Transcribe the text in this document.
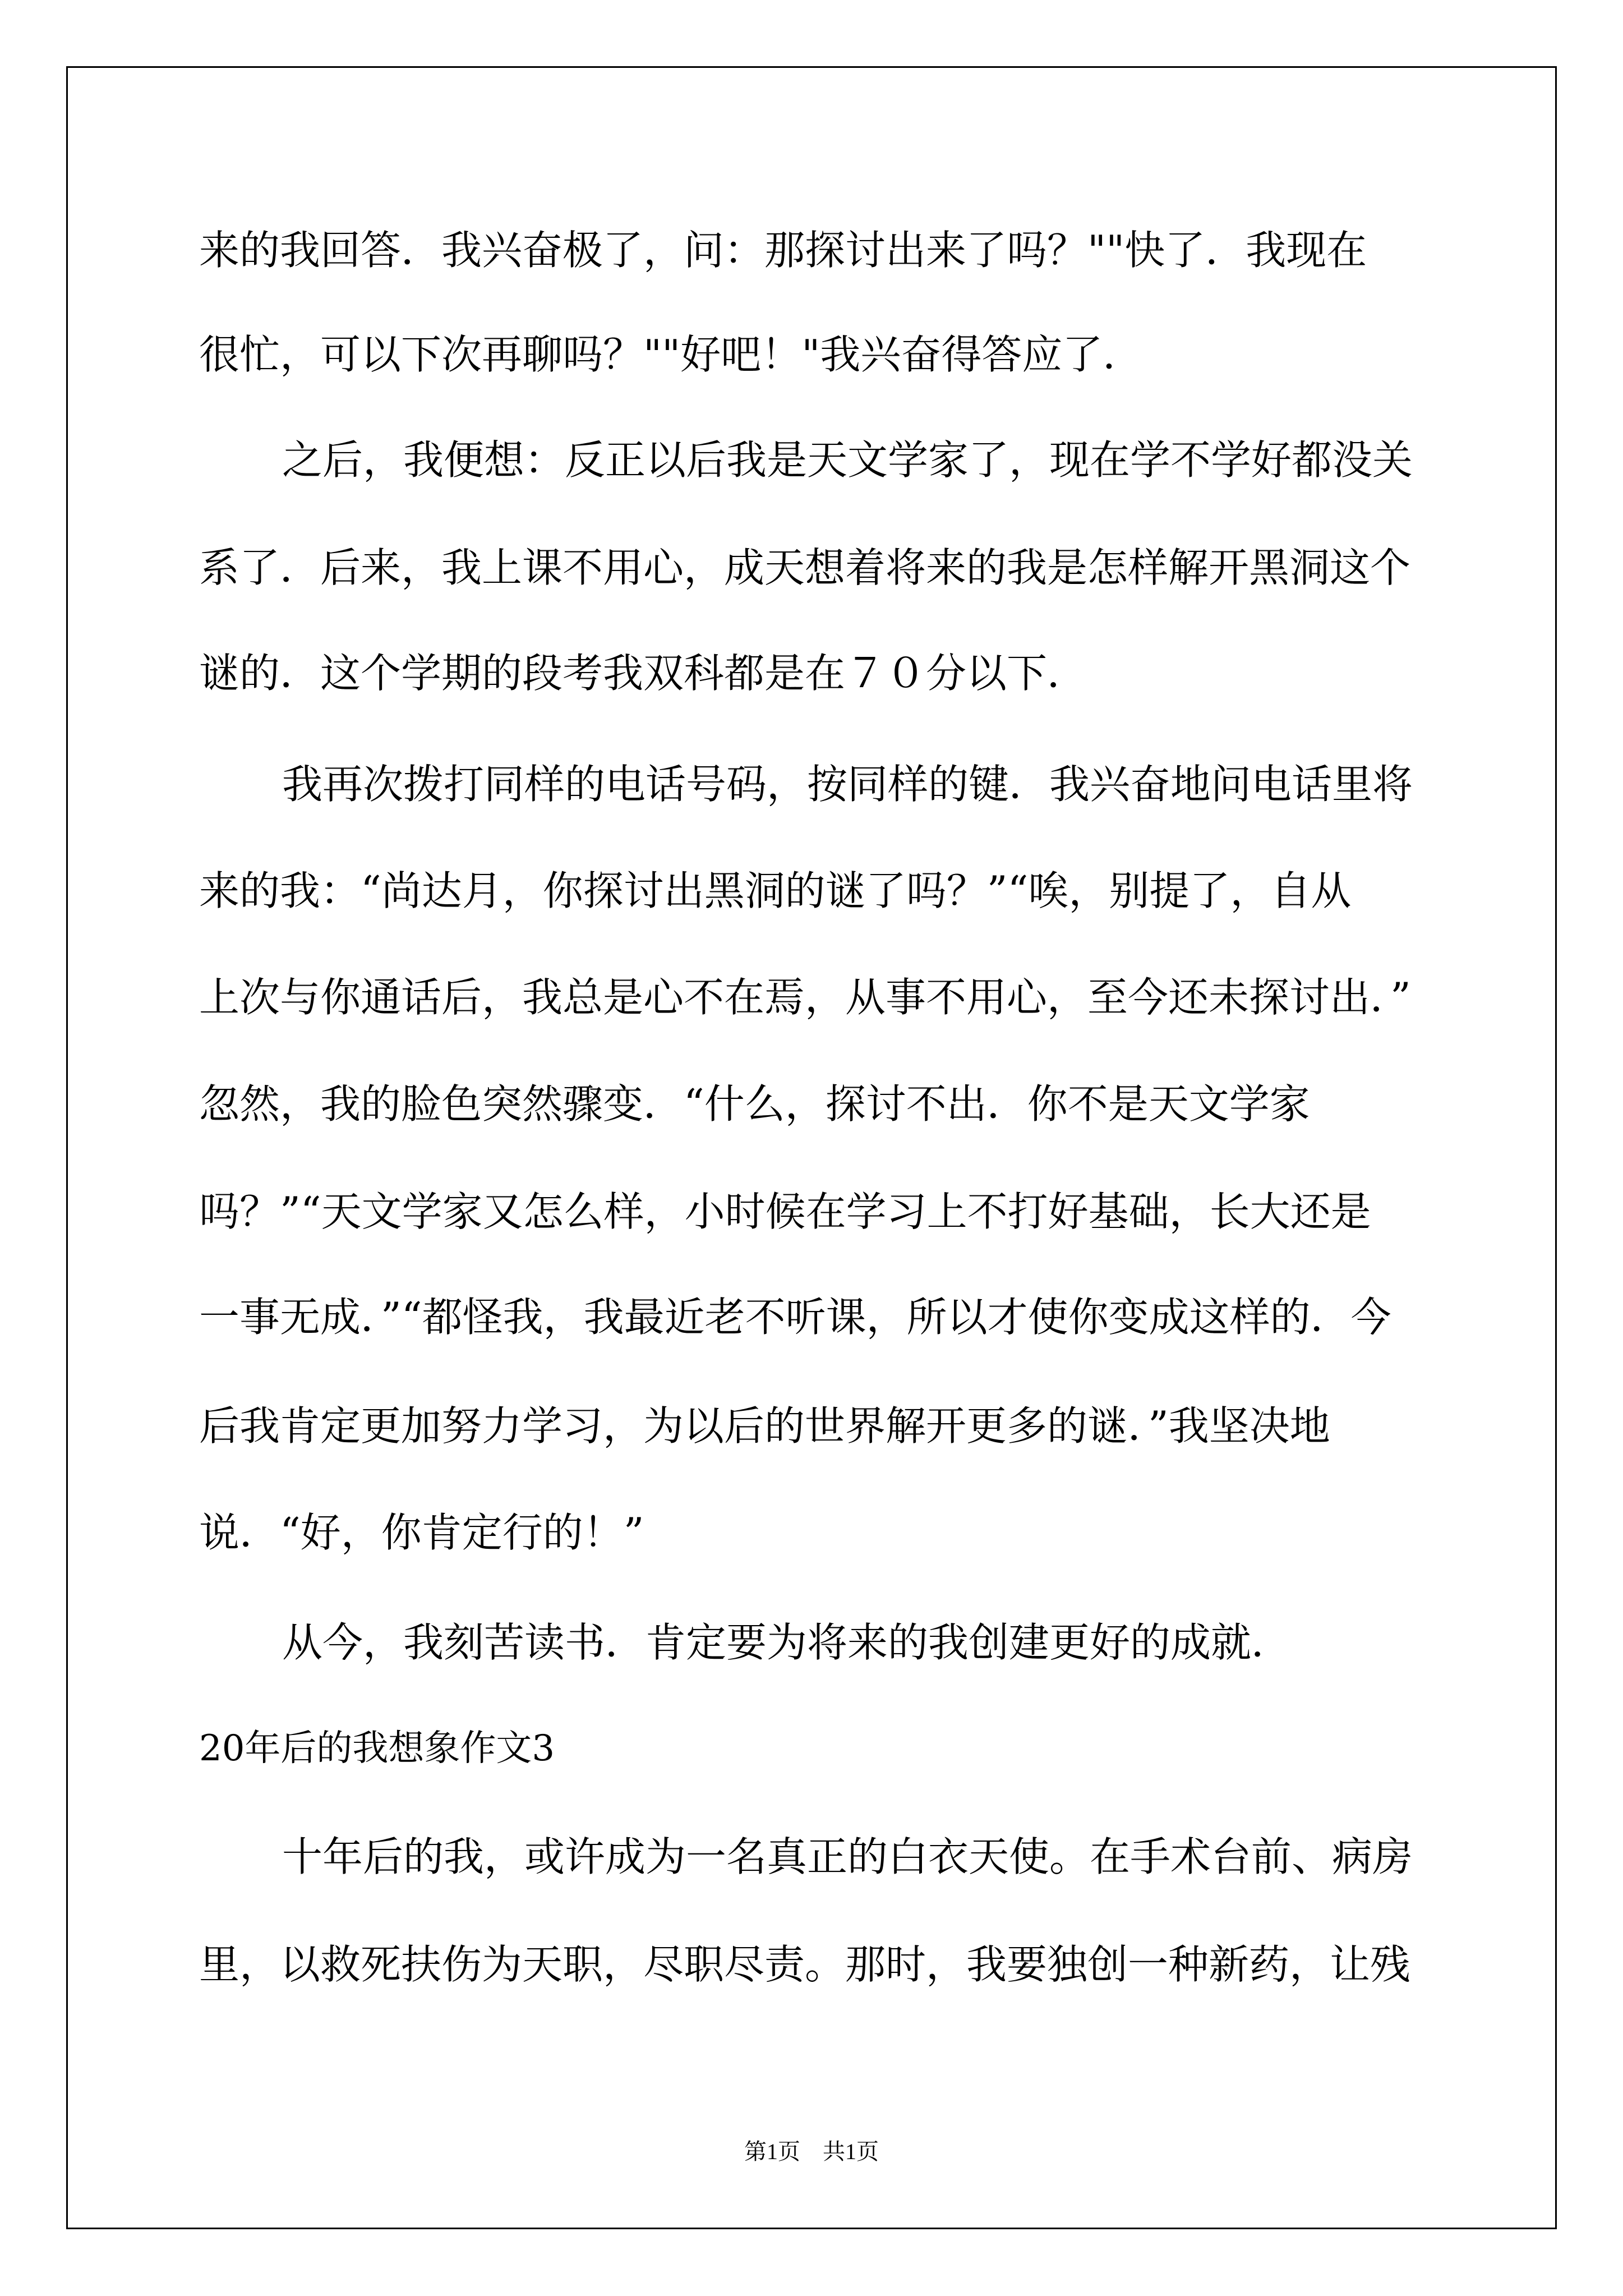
来的我回答．我兴奋极了，问：那探讨出来了吗？""快了．我现在
很忙，可以下次再聊吗？""好吧！"我兴奋得答应了．
之后，我便想：反正以后我是天文学家了，现在学不学好都没关
系了．后来，我上课不用心，成天想着将来的我是怎样解开黑洞这个
谜的．这个学期的段考我双科都是在７０分以下．
我再次拨打同样的电话号码，按同样的键．我兴奋地问电话里将
来的我：“尚达月，你探讨出黑洞的谜了吗？”“唉，别提了，自从
上次与你通话后，我总是心不在焉，从事不用心，至今还未探讨出．”
忽然，我的脸色突然骤变．“什么，探讨不出．你不是天文学家
吗？”“天文学家又怎么样，小时候在学习上不打好基础，长大还是
一事无成．”“都怪我，我最近老不听课，所以才使你变成这样的．今
后我肯定更加努力学习，为以后的世界解开更多的谜．”我坚决地
说．“好，你肯定行的！”
从今，我刻苦读书．肯定要为将来的我创建更好的成就．
20年后的我想象作文3
十年后的我，或许成为一名真正的白衣天使。在手术台前、病房
里，以救死扶伤为天职，尽职尽责。那时，我要独创一种新药，让残
第1页　共1页
